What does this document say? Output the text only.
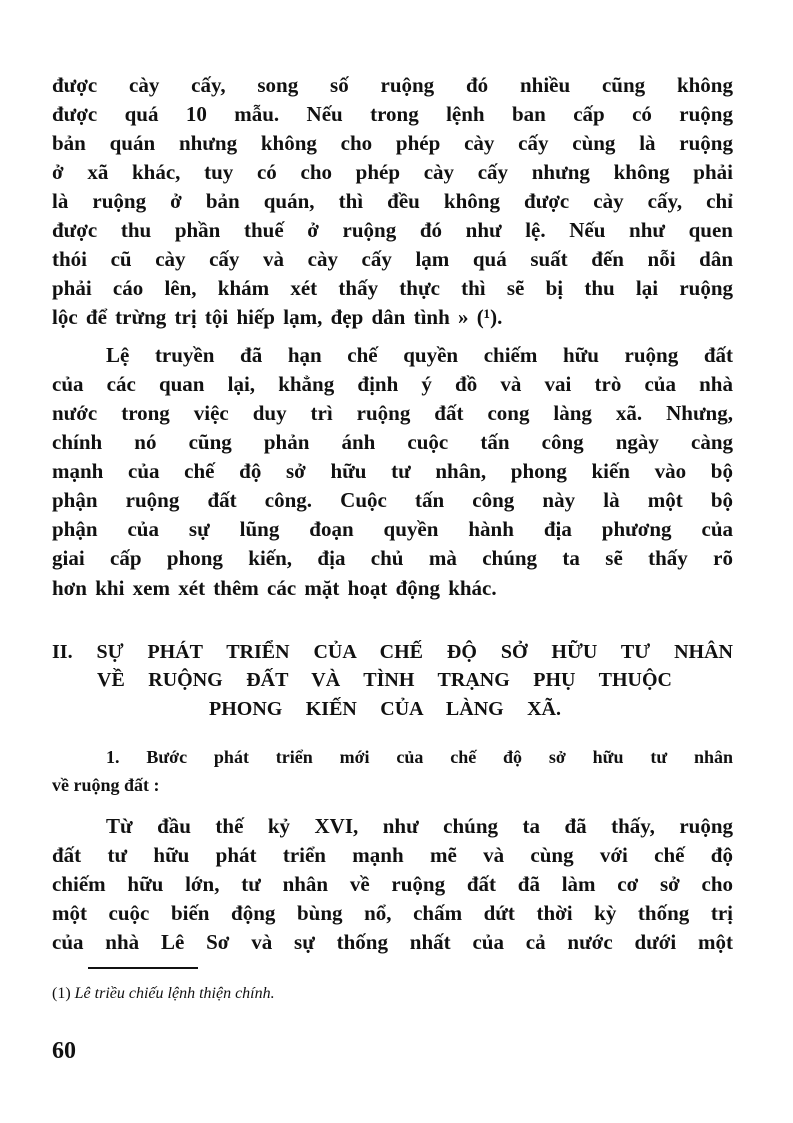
được cày cấy, song số ruộng đó nhiều cũng không
được quá 10 mẫu. Nếu trong lệnh ban cấp có ruộng
bản quán nhưng không cho phép cày cấy cùng là ruộng
ở xã khác, tuy có cho phép cày cấy nhưng không phải
là ruộng ở bản quán, thì đều không được cày cấy, chỉ
được thu phần thuế ở ruộng đó như lệ. Nếu như quen
thói cũ cày cấy và cày cấy lạm quá suất đến nỗi dân
phải cáo lên, khám xét thấy thực thì sẽ bị thu lại ruộng
lộc để trừng trị tội hiếp lạm, đẹp dân tình » (¹).
Lệ truyền đã hạn chế quyền chiếm hữu ruộng đất
của các quan lại, khẳng định ý đồ và vai trò của nhà
nước trong việc duy trì ruộng đất cong làng xã. Nhưng,
chính nó cũng phản ánh cuộc tấn công ngày càng
mạnh của chế độ sở hữu tư nhân, phong kiến vào bộ
phận ruộng đất công. Cuộc tấn công này là một bộ
phận của sự lũng đoạn quyền hành địa phương của
giai cấp phong kiến, địa chủ mà chúng ta sẽ thấy rõ
hơn khi xem xét thêm các mặt hoạt động khác.
II. SỰ PHÁT TRIỂN CỦA CHẾ ĐỘ SỞ HỮU TƯ NHÂN
VỀ RUỘNG ĐẤT VÀ TÌNH TRẠNG PHỤ THUỘC
PHONG KIẾN CỦA LÀNG XÃ.
1. Bước phát triển mới của chế độ sở hữu tư nhân
về ruộng đất :
Từ đầu thế kỷ XVI, như chúng ta đã thấy, ruộng
đất tư hữu phát triển mạnh mẽ và cùng với chế độ
chiếm hữu lớn, tư nhân về ruộng đất đã làm cơ sở cho
một cuộc biến động bùng nổ, chấm dứt thời kỳ thống trị
của nhà Lê Sơ và sự thống nhất của cả nước dưới một
(1) Lê triều chiếu lệnh thiện chính.
60
